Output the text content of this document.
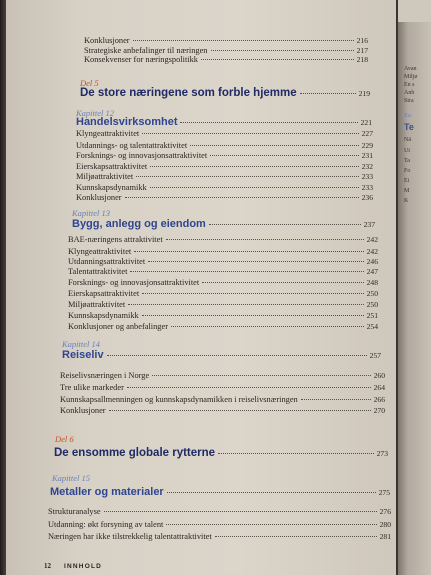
Konklusjoner	216
Strategiske anbefalinger til næringen	217
Konsekvenser for næringspolitikk	218
Del 5
De store næringene som forble hjemme	219
Kapittel 12
Handelsvirksomhet	221
Klyngeattraktivitet	227
Utdannings- og talentattraktivitet	229
Forsknings- og innovasjonsattraktivitet	231
Eierskapsattraktivitet	232
Miljøattraktivitet	233
Kunnskapsdynamikk	233
Konklusjoner	236
Kapittel 13
Bygg, anlegg og eiendom	237
BAE-næringens attraktivitet	242
Klyngeattraktivitet	242
Utdanningsattraktivitet	246
Talentattraktivitet	247
Forsknings- og innovasjonsattraktivitet	248
Eierskapsattraktivitet	250
Miljøattraktivitet	250
Kunnskapsdynamikk	251
Konklusjoner og anbefalinger	254
Kapittel 14
Reiseliv	257
Reiselivsnæringen i Norge	260
Tre ulike markeder	264
Kunnskapsallmenningen og kunnskapsdynamikken i reiselivsnæringen	266
Konklusjoner	270
Del 6
De ensomme globale rytterne	273
Kapittel 15
Metaller og materialer	275
Strukturanalyse	276
Utdanning: økt forsyning av talent	280
Næringen har ikke tilstrekkelig talentattraktivitet	281
Avan
Miljø
En s
Anb
Stra
Ka
Te
Nä
Ut
Ta
Fo
Ei
M
K
12 INNHOLD
